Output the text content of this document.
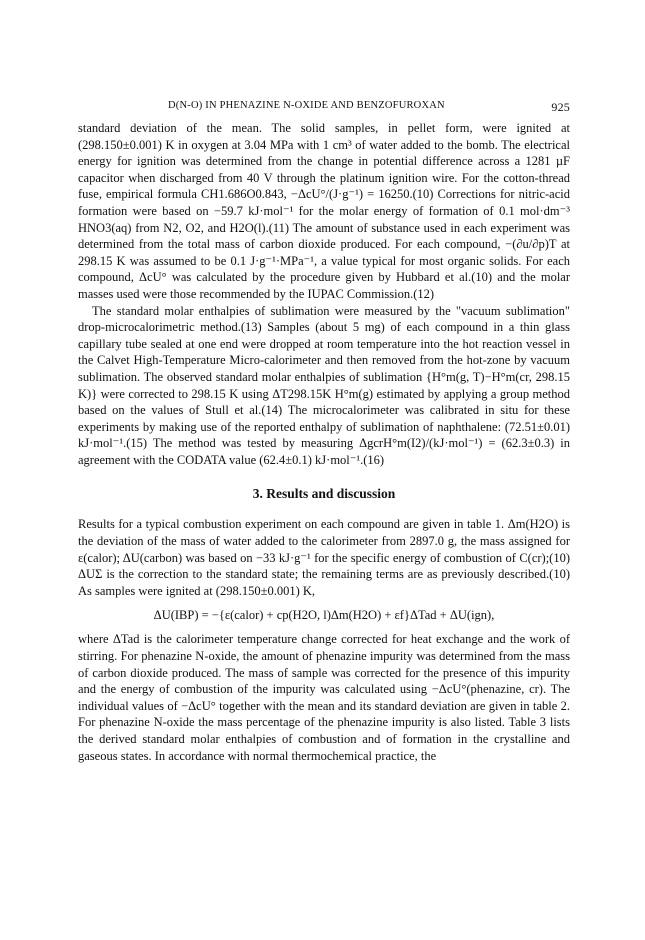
D(N-O) IN PHENAZINE N-OXIDE AND BENZOFUROXAN	925

standard deviation of the mean. The solid samples, in pellet form, were ignited at (298.150±0.001) K in oxygen at 3.04 MPa with 1 cm³ of water added to the bomb. The electrical energy for ignition was determined from the change in potential difference across a 1281 µF capacitor when discharged from 40 V through the platinum ignition wire. For the cotton-thread fuse, empirical formula CH1.686O0.843, −ΔcU°/(J·g⁻¹) = 16250.(10) Corrections for nitric-acid formation were based on −59.7 kJ·mol⁻¹ for the molar energy of formation of 0.1 mol·dm⁻³ HNO3(aq) from N2, O2, and H2O(l).(11) The amount of substance used in each experiment was determined from the total mass of carbon dioxide produced. For each compound, −(∂u/∂p)T at 298.15 K was assumed to be 0.1 J·g⁻¹·MPa⁻¹, a value typical for most organic solids. For each compound, ΔcU° was calculated by the procedure given by Hubbard et al.(10) and the molar masses used were those recommended by the IUPAC Commission.(12)

The standard molar enthalpies of sublimation were measured by the "vacuum sublimation" drop-microcalorimetric method.(13) Samples (about 5 mg) of each compound in a thin glass capillary tube sealed at one end were dropped at room temperature into the hot reaction vessel in the Calvet High-Temperature Micro-calorimeter and then removed from the hot-zone by vacuum sublimation. The observed standard molar enthalpies of sublimation {H°m(g, T)−H°m(cr, 298.15 K)} were corrected to 298.15 K using ΔT298.15K H°m(g) estimated by applying a group method based on the values of Stull et al.(14) The microcalorimeter was calibrated in situ for these experiments by making use of the reported enthalpy of sublimation of naphthalene: (72.51±0.01) kJ·mol⁻¹.(15) The method was tested by measuring ΔgcrH°m(I2)/(kJ·mol⁻¹) = (62.3±0.3) in agreement with the CODATA value (62.4±0.1) kJ·mol⁻¹.(16)

3. Results and discussion

Results for a typical combustion experiment on each compound are given in table 1. Δm(H2O) is the deviation of the mass of water added to the calorimeter from 2897.0 g, the mass assigned for ε(calor); ΔU(carbon) was based on −33 kJ·g⁻¹ for the specific energy of combustion of C(cr);(10) ΔUΣ is the correction to the standard state; the remaining terms are as previously described.(10) As samples were ignited at (298.150±0.001) K,

ΔU(IBP) = −{ε(calor) + cp(H2O, l)Δm(H2O) + εf}ΔTad + ΔU(ign),

where ΔTad is the calorimeter temperature change corrected for heat exchange and the work of stirring. For phenazine N-oxide, the amount of phenazine impurity was determined from the mass of carbon dioxide produced. The mass of sample was corrected for the presence of this impurity and the energy of combustion of the impurity was calculated using −ΔcU°(phenazine, cr). The individual values of −ΔcU° together with the mean and its standard deviation are given in table 2. For phenazine N-oxide the mass percentage of the phenazine impurity is also listed. Table 3 lists the derived standard molar enthalpies of combustion and of formation in the crystalline and gaseous states. In accordance with normal thermochemical practice, the
